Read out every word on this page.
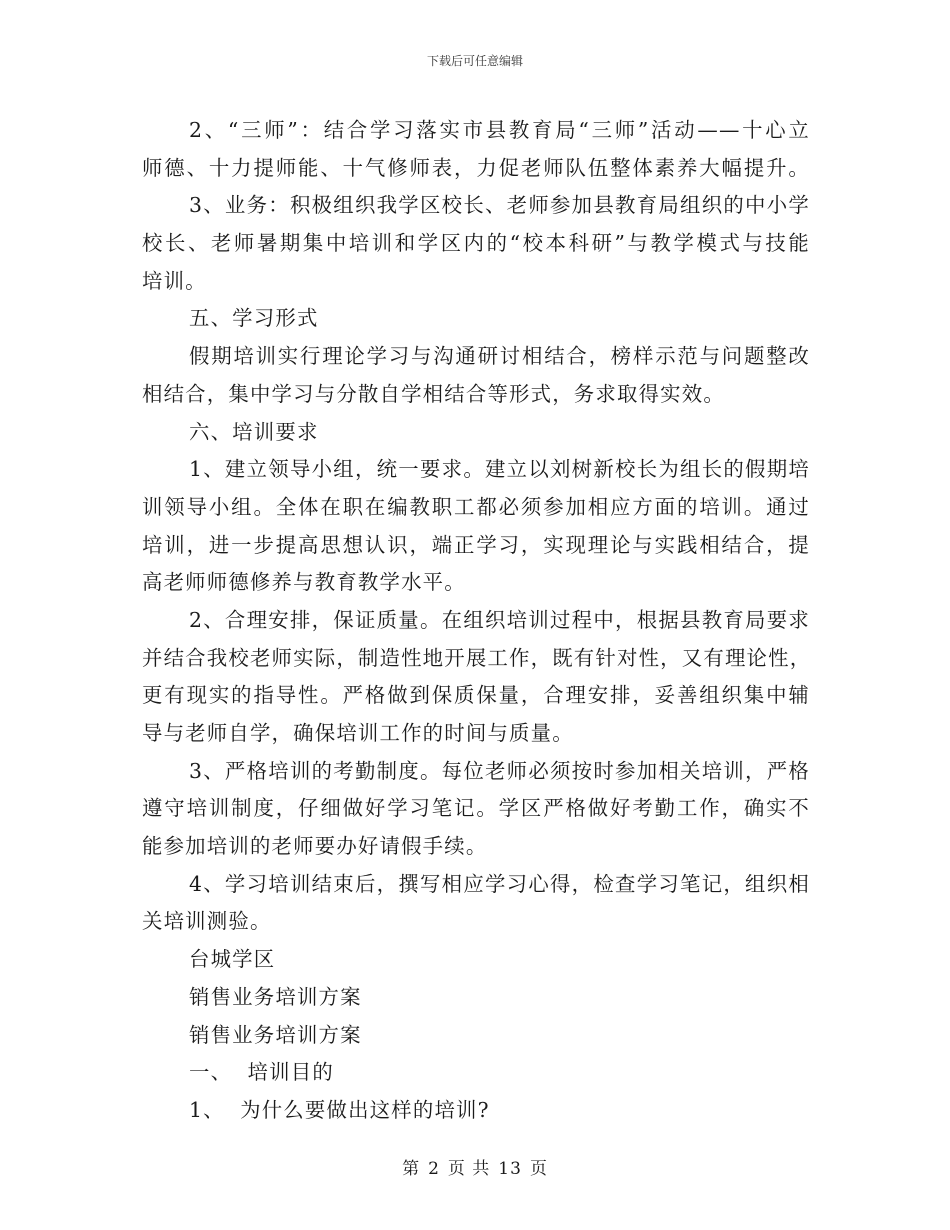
下载后可任意编辑
2、“三师”：结合学习落实市县教育局“三师”活动——十心立
师德、十力提师能、十气修师表，力促老师队伍整体素养大幅提升。
3、业务：积极组织我学区校长、老师参加县教育局组织的中小学
校长、老师暑期集中培训和学区内的“校本科研”与教学模式与技能
培训。
五、学习形式
假期培训实行理论学习与沟通研讨相结合，榜样示范与问题整改
相结合，集中学习与分散自学相结合等形式，务求取得实效。
六、培训要求
1、建立领导小组，统一要求。建立以刘树新校长为组长的假期培
训领导小组。全体在职在编教职工都必须参加相应方面的培训。通过
培训，进一步提高思想认识，端正学习，实现理论与实践相结合，提
高老师师德修养与教育教学水平。
2、合理安排，保证质量。在组织培训过程中，根据县教育局要求
并结合我校老师实际，制造性地开展工作，既有针对性，又有理论性，
更有现实的指导性。严格做到保质保量，合理安排，妥善组织集中辅
导与老师自学，确保培训工作的时间与质量。
3、严格培训的考勤制度。每位老师必须按时参加相关培训，严格
遵守培训制度，仔细做好学习笔记。学区严格做好考勤工作，确实不
能参加培训的老师要办好请假手续。
4、学习培训结束后，撰写相应学习心得，检查学习笔记，组织相
关培训测验。
台城学区
销售业务培训方案
销售业务培训方案
一、  培训目的
1、  为什么要做出这样的培训?
第 2 页 共 13 页
